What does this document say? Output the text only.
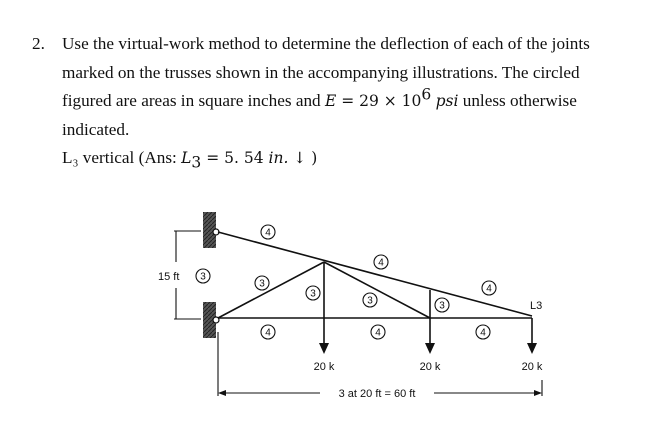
2. Use the virtual-work method to determine the deflection of each of the joints
marked on the trusses shown in the accompanying illustrations. The circled
figured are areas in square inches and $E = 29 \times 10^6$ psi unless otherwise
indicated.
L₃ vertical (Ans: $L_3 = 5$. 54 in. ↓ )
15 ft 3
4
4
4
3
3
3	3
4	4	4
L3
20 k	20 k	20 k
3 at 20 ft = 60 ft
